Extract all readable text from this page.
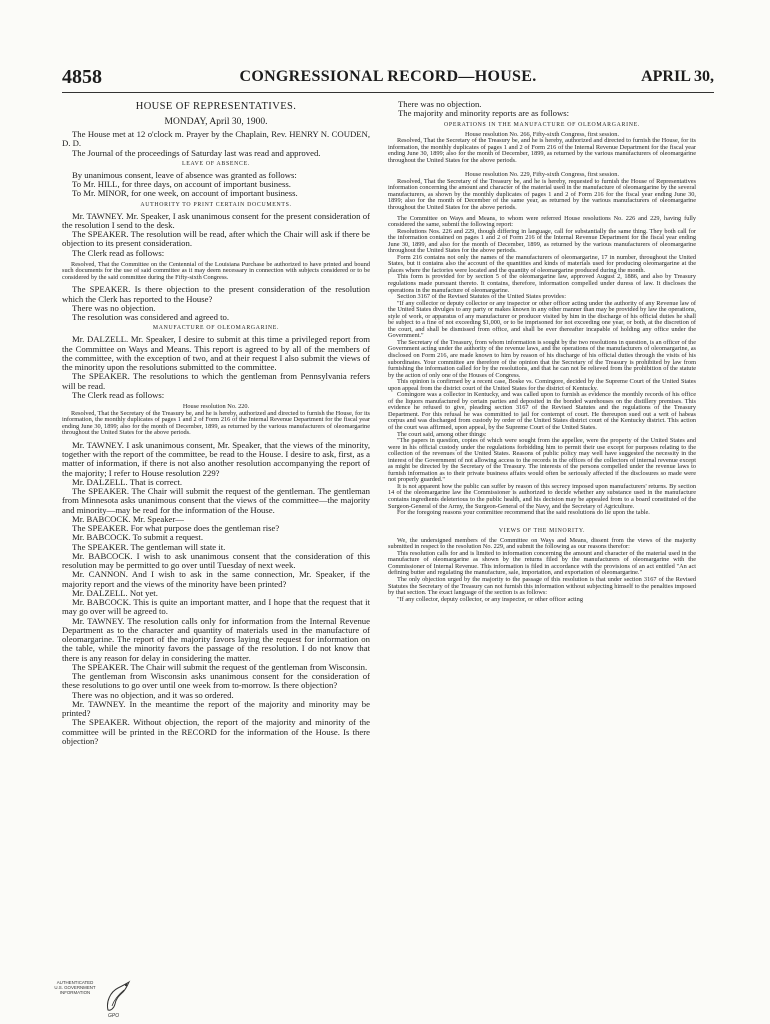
4858	CONGRESSIONAL RECORD—HOUSE.	APRIL 30,
HOUSE OF REPRESENTATIVES.
MONDAY, April 30, 1900.

The House met at 12 o'clock m. Prayer by the Chaplain, Rev. HENRY N. COUDEN, D. D.

The Journal of the proceedings of Saturday last was read and approved.

LEAVE OF ABSENCE.

By unanimous consent, leave of absence was granted as follows:

To Mr. HILL, for three days, on account of important business.

To Mr. MINOR, for one week, on account of important business.

AUTHORITY TO PRINT CERTAIN DOCUMENTS.

Mr. TAWNEY. Mr. Speaker, I ask unanimous consent for the present consideration of the resolution I send to the desk.

The SPEAKER. The resolution will be read, after which the Chair will ask if there be objection to its present consideration.

The Clerk read as follows:

Resolved, That the Committee on the Centennial of the Louisiana Purchase be authorized to have printed and bound such documents for the use of said committee as it may deem necessary in connection with subjects considered or to be considered by the said committee during the Fifty-sixth Congress.

The SPEAKER. Is there objection to the present consideration of the resolution which the Clerk has reported to the House?

There was no objection.

The resolution was considered and agreed to.

MANUFACTURE OF OLEOMARGARINE.

Mr. DALZELL. Mr. Speaker, I desire to submit at this time a privileged report from the Committee on Ways and Means. This report is agreed to by all of the members of the committee, with the exception of two, and at their request I also submit the views of the minority upon the resolutions submitted to the committee.

The SPEAKER. The resolutions to which the gentleman from Pennsylvania refers will be read.

The Clerk read as follows:

House resolution No. 220.

Resolved, That the Secretary of the Treasury be, and he is hereby, authorized and directed to furnish the House, for its information, the monthly duplicates of pages 1 and 2 of Form 216 of the Internal Revenue Department for the fiscal year ending June 30, 1899; also for the month of December, 1899, as returned by the various manufacturers of oleomargarine throughout the United States for the above periods.

Mr. TAWNEY. I ask unanimous consent, Mr. Speaker, that the views of the minority, together with the report of the committee, be read to the House. I desire to ask, first, as a matter of information, if there is not also another resolution accompanying the report of the majority; I refer to House resolution 229?

Mr. DALZELL. That is correct.

The SPEAKER. The Chair will submit the request of the gentleman. The gentleman from Minnesota asks unanimous consent that the views of the committee—the majority and minority—may be read for the information of the House.

Mr. BABCOCK. Mr. Speaker—

The SPEAKER. For what purpose does the gentleman rise?

Mr. BABCOCK. To submit a request.

The SPEAKER. The gentleman will state it.

Mr. BABCOCK. I wish to ask unanimous consent that the consideration of this resolution may be permitted to go over until Tuesday of next week.

Mr. CANNON. And I wish to ask in the same connection, Mr. Speaker, if the majority report and the views of the minority have been printed?

Mr. DALZELL. Not yet.

Mr. BABCOCK. This is quite an important matter, and I hope that the request that it may go over will be agreed to.

Mr. TAWNEY. The resolution calls only for information from the Internal Revenue Department as to the character and quantity of materials used in the manufacture of oleomargarine. The report of the majority favors laying the request for information on the table, while the minority favors the passage of the resolution. I do not know that there is any reason for delay in considering the matter.

The SPEAKER. The Chair will submit the request of the gentleman from Wisconsin.

The gentleman from Wisconsin asks unanimous consent for the consideration of these resolutions to go over until one week from to-morrow. Is there objection?

There was no objection, and it was so ordered.

Mr. TAWNEY. In the meantime the report of the majority and minority may be printed?

The SPEAKER. Without objection, the report of the majority and minority of the committee will be printed in the RECORD for the information of the House. Is there objection?

There was no objection.

The majority and minority reports are as follows:

OPERATIONS IN THE MANUFACTURE OF OLEOMARGARINE.

House resolution No. 266, Fifty-sixth Congress, first session.

Resolved, That the Secretary of the Treasury be, and he is hereby, authorized and directed to furnish the House, for its information, the monthly duplicates of pages 1 and 2 of Form 216 of the Internal Revenue Department for the fiscal year ending June 30, 1899; also for the month of December, 1899, as returned by the various manufacturers of oleomargarine throughout the United States for the above periods.

House resolution No. 229, Fifty-sixth Congress, first session.

Resolved, That the Secretary of the Treasury be, and he is hereby, requested to furnish the House of Representatives information concerning the amount and character of the material used in the manufacture of oleomargarine by the several manufacturers, as shown by the monthly duplicates of pages 1 and 2 of Form 216 for the fiscal year ending June 30, 1899; also for the month of December of the same year, as returned by the various manufacturers of oleomargarine throughout the United States for the above periods.

The Committee on Ways and Means, to whom were referred House resolutions No. 226 and 229, having fully considered the same, submit the following report:

Resolutions Nos. 226 and 229, though differing in language, call for substantially the same thing. They both call for the information contained on pages 1 and 2 of Form 216 of the Internal Revenue Department for the fiscal year ending June 30, 1899, and also for the month of December, 1899, as returned by the various manufacturers of oleomargarine throughout the United States for the above periods.

Form 216 contains not only the names of the manufacturers of oleomargarine, 17 in number, throughout the United States, but it contains also the account of the quantities and kinds of materials used for producing oleomargarine at the places where the factories were located and the quantity of oleomargarine produced during the month.

This form is provided for by section 5 of the oleomargarine law, approved August 2, 1886, and also by Treasury regulations made pursuant thereto. It contains, therefore, information compelled under duress of law. It discloses the operations in the manufacture of oleomargarine.

Section 3167 of the Revised Statutes of the United States provides:

"If any collector or deputy collector or any inspector or other officer acting under the authority of any Revenue law of the United States divulges to any party or makes known in any other manner than may be provided by law the operations, style of work, or apparatus of any manufacturer or producer visited by him in the discharge of his official duties he shall be subject to a fine of not exceeding $1,000, or to be imprisoned for not exceeding one year, or both, at the discretion of the court, and shall be dismissed from office, and shall be ever thereafter incapable of holding any office under the Government."

The Secretary of the Treasury, from whom information is sought by the two resolutions in question, is an officer of the Government acting under the authority of the revenue laws, and the operations of the manufacturers of oleomargarine, as disclosed on Form 216, are made known to him by reason of his discharge of his official duties through the visits of his subordinates. Your committee are therefore of the opinion that the Secretary of the Treasury is prohibited by law from furnishing the information called for by the resolutions, and that he can not be relieved from the prohibition of the statute by the action of only one of the Houses of Congress.

This opinion is confirmed by a recent case, Boske vs. Comingore, decided by the Supreme Court of the United States upon appeal from the district court of the United States for the district of Kentucky.

Comingore was a collector in Kentucky, and was called upon to furnish as evidence the monthly records of his office of the liquors manufactured by certain parties and deposited in the bonded warehouses on the distillery premises. This evidence he refused to give, pleading section 3167 of the Revised Statutes and the regulations of the Treasury Department. For this refusal he was committed to jail for contempt of court. He thereupon sued out a writ of habeas corpus and was discharged from custody by order of the United States district court of the Kentucky district. This action of the court was affirmed, upon appeal, by the Supreme Court of the United States.

The court said, among other things:

"The papers in question, copies of which were sought from the appellee, were the property of the United States and were in his official custody under the regulations forbidding him to permit their use except for purposes relating to the collection of the revenues of the United States. Reasons of public policy may well have suggested the necessity in the interest of the Government of not allowing access to the records in the offices of the collectors of internal revenue except as might be directed by the Secretary of the Treasury. The interests of the persons compelled under the revenue laws to furnish information as to their private business affairs would often be seriously affected if the disclosures so made were not properly guarded."

It is not apparent how the public can suffer by reason of this secrecy imposed upon manufacturers' returns. By section 14 of the oleomargarine law the Commissioner is authorized to decide whether any substance used in the manufacture contains ingredients deleterious to the public health, and his decision may be appealed from to a board constituted of the Surgeon-General of the Army, the Surgeon-General of the Navy, and the Secretary of Agriculture.

For the foregoing reasons your committee recommend that the said resolutions do lie upon the table.

VIEWS OF THE MINORITY.

We, the undersigned members of the Committee on Ways and Means, dissent from the views of the majority submitted in respect to the resolution No. 229, and submit the following as our reasons therefor:

This resolution calls for and is limited to information concerning the amount and character of the material used in the manufacture of oleomargarine as shown by the returns filed by the manufacturers of oleomargarine with the Commissioner of Internal Revenue. This information is filed in accordance with the provisions of an act entitled "An act defining butter and regulating the manufacture, sale, importation, and exportation of oleomargarine."

The only objection urged by the majority to the passage of this resolution is that under section 3167 of the Revised Statutes the Secretary of the Treasury can not furnish this information without subjecting himself to the penalties imposed by that section. The exact language of the section is as follows:

"If any collector, deputy collector, or any inspector, or other officer acting

AUTHENTICATED
U.S. GOVERNMENT
INFORMATION
GPO
